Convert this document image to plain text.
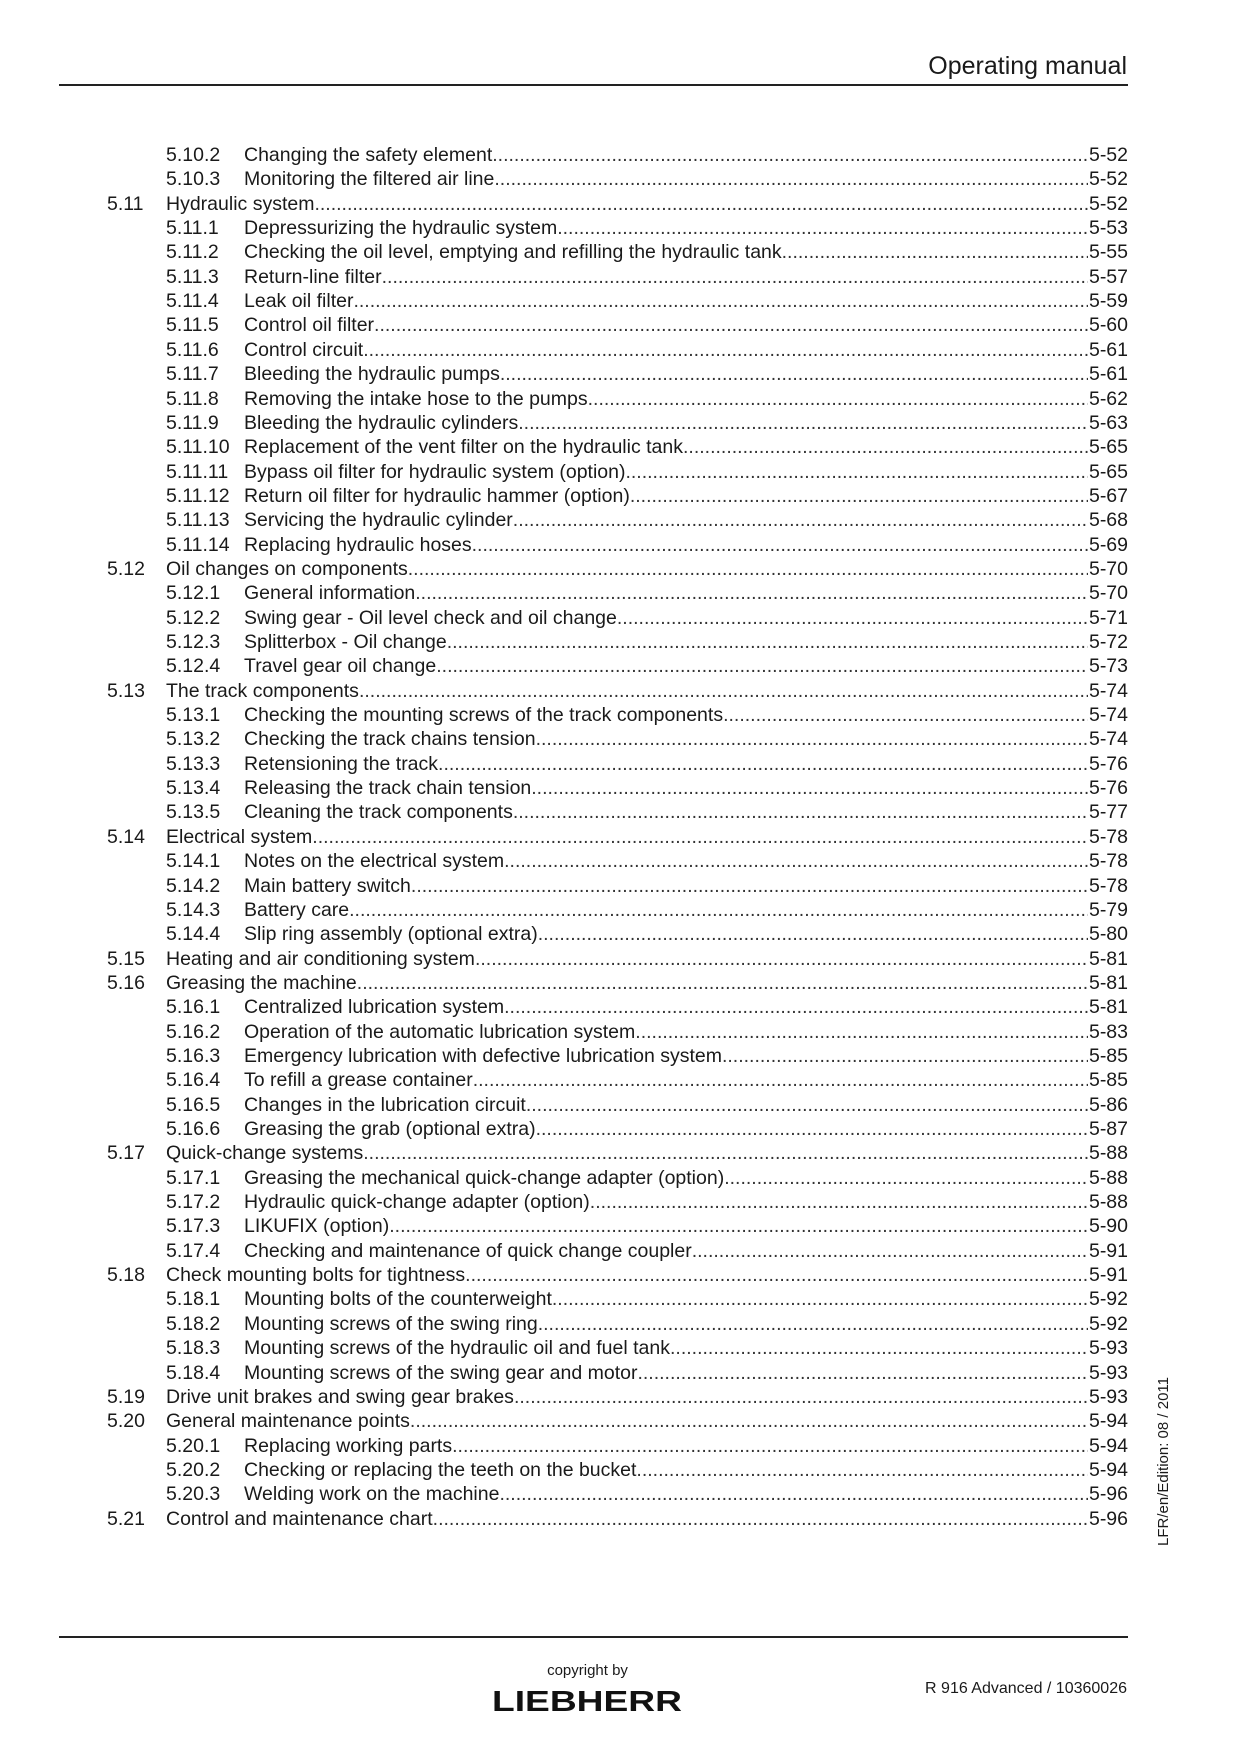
Operating manual
5.10.2 Changing the safety element .....	5-52
5.10.3 Monitoring the filtered air line .....	5-52
5.11 Hydraulic system .....	5-52
5.11.1 Depressurizing the hydraulic system .....	5-53
5.11.2 Checking the oil level, emptying and refilling the hydraulic tank .....	5-55
5.11.3 Return-line filter .....	5-57
5.11.4 Leak oil filter .....	5-59
5.11.5 Control oil filter .....	5-60
5.11.6 Control circuit .....	5-61
5.11.7 Bleeding the hydraulic pumps .....	5-61
5.11.8 Removing the intake hose to the pumps .....	5-62
5.11.9 Bleeding the hydraulic cylinders .....	5-63
5.11.10 Replacement of the vent filter on the hydraulic tank .....	5-65
5.11.11 Bypass oil filter for hydraulic system (option) .....	5-65
5.11.12 Return oil filter for hydraulic hammer (option) .....	5-67
5.11.13 Servicing the hydraulic cylinder .....	5-68
5.11.14 Replacing hydraulic hoses .....	5-69
5.12 Oil changes on components .....	5-70
5.12.1 General information .....	5-70
5.12.2 Swing gear - Oil level check and oil change .....	5-71
5.12.3 Splitterbox - Oil change .....	5-72
5.12.4 Travel gear oil change .....	5-73
5.13 The track components .....	5-74
5.13.1 Checking the mounting screws of the track components .....	5-74
5.13.2 Checking the track chains tension .....	5-74
5.13.3 Retensioning the track .....	5-76
5.13.4 Releasing the track chain tension .....	5-76
5.13.5 Cleaning the track components .....	5-77
5.14 Electrical system .....	5-78
5.14.1 Notes on the electrical system .....	5-78
5.14.2 Main battery switch .....	5-78
5.14.3 Battery care .....	5-79
5.14.4 Slip ring assembly (optional extra) .....	5-80
5.15 Heating and air conditioning system .....	5-81
5.16 Greasing the machine .....	5-81
5.16.1 Centralized lubrication system .....	5-81
5.16.2 Operation of the automatic lubrication system .....	5-83
5.16.3 Emergency lubrication with defective lubrication system .....	5-85
5.16.4 To refill a grease container .....	5-85
5.16.5 Changes in the lubrication circuit .....	5-86
5.16.6 Greasing the grab (optional extra) .....	5-87
5.17 Quick-change systems .....	5-88
5.17.1 Greasing the mechanical quick-change adapter (option) .....	5-88
5.17.2 Hydraulic quick-change adapter (option) .....	5-88
5.17.3 LIKUFIX (option) .....	5-90
5.17.4 Checking and maintenance of quick change coupler .....	5-91
5.18 Check mounting bolts for tightness .....	5-91
5.18.1 Mounting bolts of the counterweight .....	5-92
5.18.2 Mounting screws of the swing ring .....	5-92
5.18.3 Mounting screws of the hydraulic oil and fuel tank .....	5-93
5.18.4 Mounting screws of the swing gear and motor .....	5-93
5.19 Drive unit brakes and swing gear brakes .....	5-93
5.20 General maintenance points .....	5-94
5.20.1 Replacing working parts .....	5-94
5.20.2 Checking or replacing the teeth on the bucket .....	5-94
5.20.3 Welding work on the machine .....	5-96
5.21 Control and maintenance chart .....	5-96 LFR/en/Edition: 08 / 2011
copyright by
LIEBHERR	R 916 Advanced / 10360026
